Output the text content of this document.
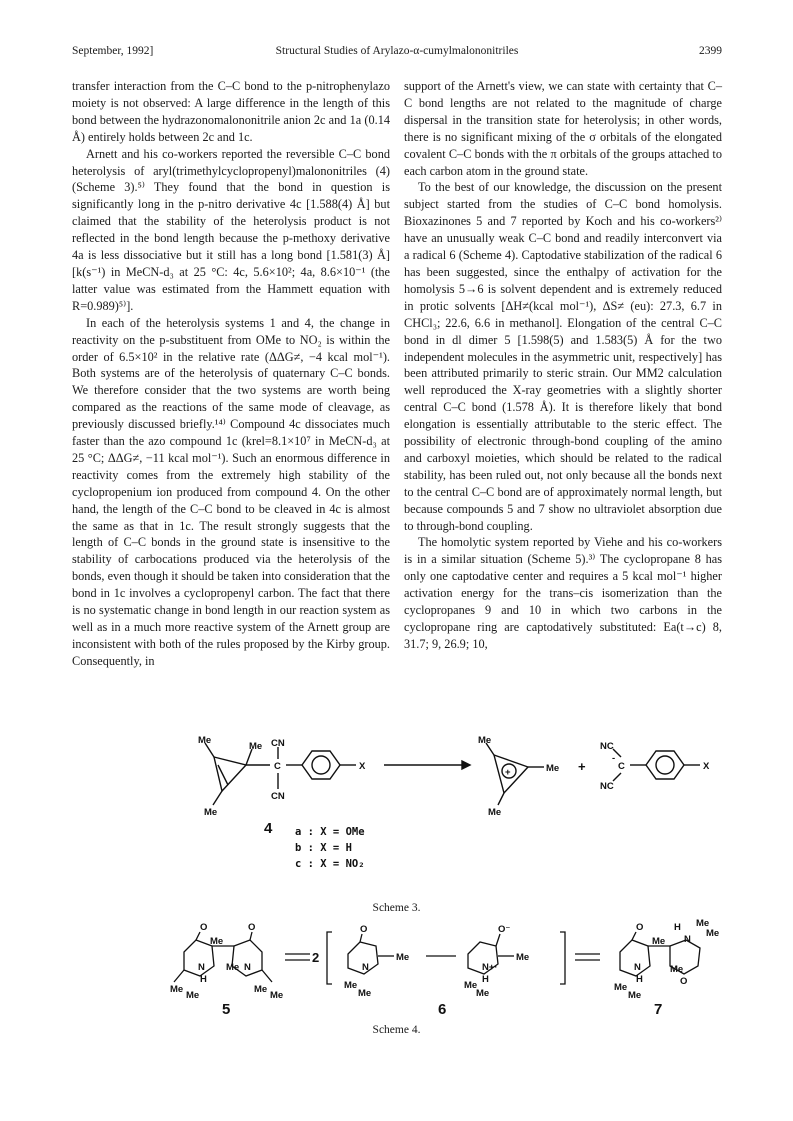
September, 1992]	Structural Studies of Arylazo-α-cumylmalononitriles	2399

transfer interaction from the C–C bond to the p-nitrophenylazo moiety is not observed: A large difference in the length of this bond between the hydrazonomalononitrile anion 2c and 1a (0.14 Å) entirely holds between 2c and 1c.

Arnett and his co-workers reported the reversible C–C bond heterolysis of aryl(trimethylcyclopropenyl)malononitriles (4) (Scheme 3).⁵⁾ They found that the bond in question is significantly long in the p-nitro derivative 4c [1.588(4) Å] but claimed that the stability of the heterolysis product is not reflected in the bond length because the p-methoxy derivative 4a is less dissociative but it still has a long bond [1.581(3) Å] [k(s⁻¹) in MeCN-d₃ at 25 °C: 4c, 5.6×10²; 4a, 8.6×10⁻¹ (the latter value was estimated from the Hammett equation with R=0.989)⁵⁾].

In each of the heterolysis systems 1 and 4, the change in reactivity on the p-substituent from OMe to NO₂ is within the order of 6.5×10² in the relative rate (ΔΔG≠, −4 kcal mol⁻¹). Both systems are of the heterolysis of quaternary C–C bonds. We therefore consider that the two systems are worth being compared as the reactions of the same mode of cleavage, as previously discussed briefly.¹⁴⁾ Compound 4c dissociates much faster than the azo compound 1c (krel=8.1×10⁷ in MeCN-d₃ at 25 °C; ΔΔG≠, −11 kcal mol⁻¹). Such an enormous difference in reactivity comes from the extremely high stability of the cyclopropenium ion produced from compound 4. On the other hand, the length of the C–C bond to be cleaved in 4c is almost the same as that in 1c. The result strongly suggests that the length of C–C bonds in the ground state is insensitive to the stability of carbocations produced via the heterolysis of the bonds, even though it should be taken into consideration that the bond in 1c involves a cyclopropenyl carbon. The fact that there is no systematic change in bond length in our reaction system as well as in a much more reactive system of the Arnett group are inconsistent with both of the rules proposed by the Kirby group. Consequently, in

support of the Arnett's view, we can state with certainty that C–C bond lengths are not related to the magnitude of charge dispersal in the transition state for heterolysis; in other words, there is no significant mixing of the σ orbitals of the elongated covalent C–C bonds with the π orbitals of the groups attached to each carbon atom in the ground state.

To the best of our knowledge, the discussion on the present subject started from the studies of C–C bond homolysis. Bioxazinones 5 and 7 reported by Koch and his co-workers²⁾ have an unusually weak C–C bond and readily interconvert via a radical 6 (Scheme 4). Captodative stabilization of the radical 6 has been suggested, since the enthalpy of activation for the homolysis 5→6 is solvent dependent and is extremely reduced in protic solvents [ΔH≠(kcal mol⁻¹), ΔS≠ (eu): 27.3, 6.7 in CHCl₃; 22.6, 6.6 in methanol]. Elongation of the central C–C bond in dl dimer 5 [1.598(5) and 1.583(5) Å for the two independent molecules in the asymmetric unit, respectively] has been attributed primarily to steric strain. Our MM2 calculation well reproduced the X-ray geometries with a slightly shorter central C–C bond (1.578 Å). It is therefore likely that bond elongation is essentially attributable to the steric effect. The possibility of electronic through-bond coupling of the amino and carboxyl moieties, which should be related to the radical stability, has been ruled out, not only because all the bonds next to the central C–C bond are of approximately normal length, but because compounds 5 and 7 show no ultraviolet absorption due to through-bond coupling.

The homolytic system reported by Viehe and his co-workers is in a similar situation (Scheme 5).³⁾ The cyclopropane 8 has only one captodative center and requires a 5 kcal mol⁻¹ higher activation energy for the trans–cis isomerization than the cyclopropanes 9 and 10 in which two carbons in the cyclopropane ring are captodatively substituted: Ea(t→c) 8, 31.7; 9, 26.9; 10,

Me
Me CN
C
CN
Me
X
4
Me
+	Me
Me
+
NC
-
C
NC
X
a : X = OMe
b : X = H
c : X = NO₂
Scheme 3.
O	O
Me
N
H
Me N
Me
Me
Me
Me
2
O
Me
N
Me
Me
O⁻
Me
N+·
H
Me
Me
O
Me
H
N
Me
Me
N
H
Me
O
Me
Me
5	6	7
Scheme 4.
